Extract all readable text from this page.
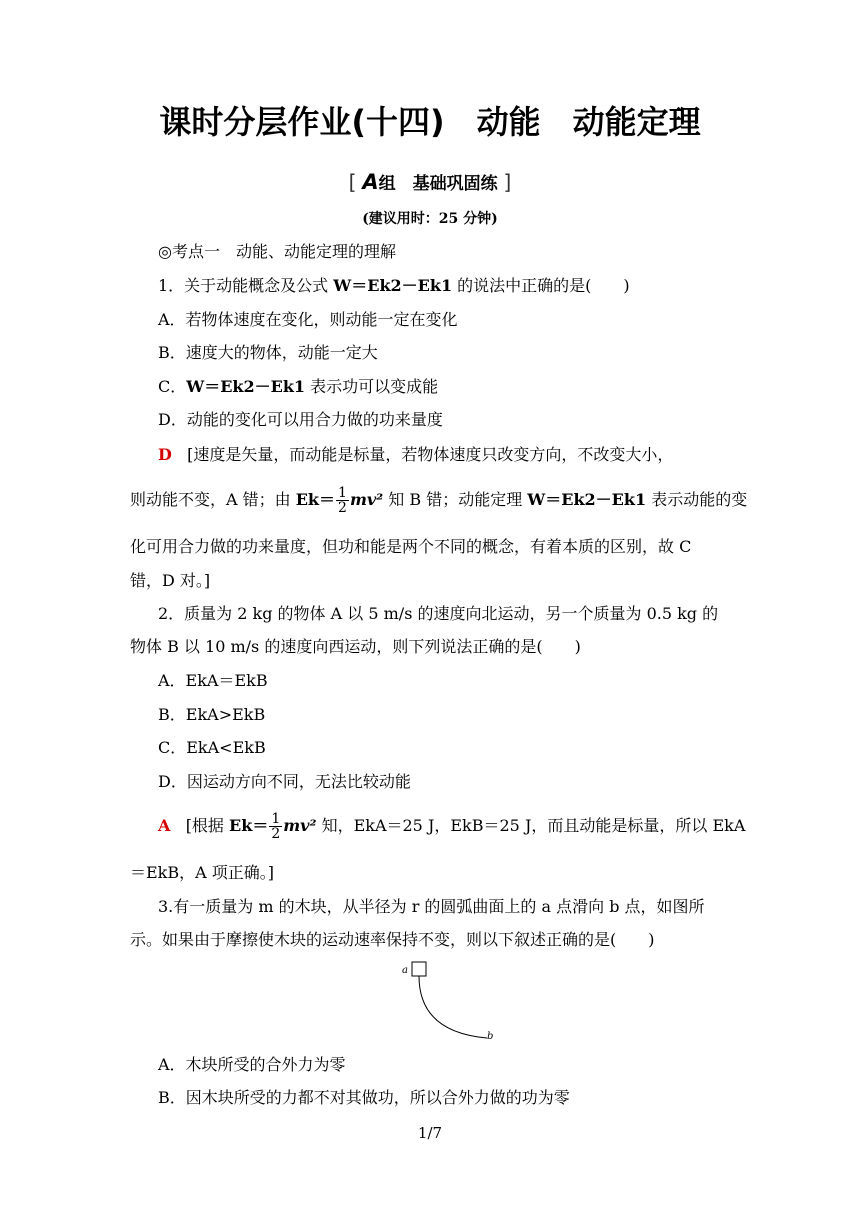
课时分层作业(十四)　动能　动能定理
[ A组　基础巩固练 ]
(建议用时：25 分钟)
◎考点一　动能、动能定理的理解
1．关于动能概念及公式 W＝Ek2－Ek1 的说法中正确的是(　　)
A．若物体速度在变化，则动能一定在变化
B．速度大的物体，动能一定大
C．W＝Ek2－Ek1 表示功可以变成能
D．动能的变化可以用合力做的功来量度
D [速度是矢量，而动能是标量，若物体速度只改变方向，不改变大小，
则动能不变，A 错；由 $Ek= \frac{1}{2} mv^2$ 知 B 错；动能定理 W＝Ek2－Ek1 表示动能的变
化可用合力做的功来量度，但功和能是两个不同的概念，有着本质的区别，故 C
错，D 对。]
2．质量为 2 kg 的物体 A 以 5 m/s 的速度向北运动，另一个质量为 0.5 kg 的
物体 B 以 10 m/s 的速度向西运动，则下列说法正确的是(　　)
A．EkA＝EkB
B．EkA>EkB
C．EkA<EkB
D．因运动方向不同，无法比较动能
A [根据 $Ek= \frac{1}{2} mv^2$ 知，EkA＝25 J，EkB＝25 J，而且动能是标量，所以 EkA
＝EkB，A 项正确。]
3.有一质量为 m 的木块，从半径为 r 的圆弧曲面上的 a 点滑向 b 点，如图所
示。如果由于摩擦使木块的运动速率保持不变，则以下叙述正确的是(　　)
a
b
A．木块所受的合外力为零
B．因木块所受的力都不对其做功，所以合外力做的功为零
1/7
